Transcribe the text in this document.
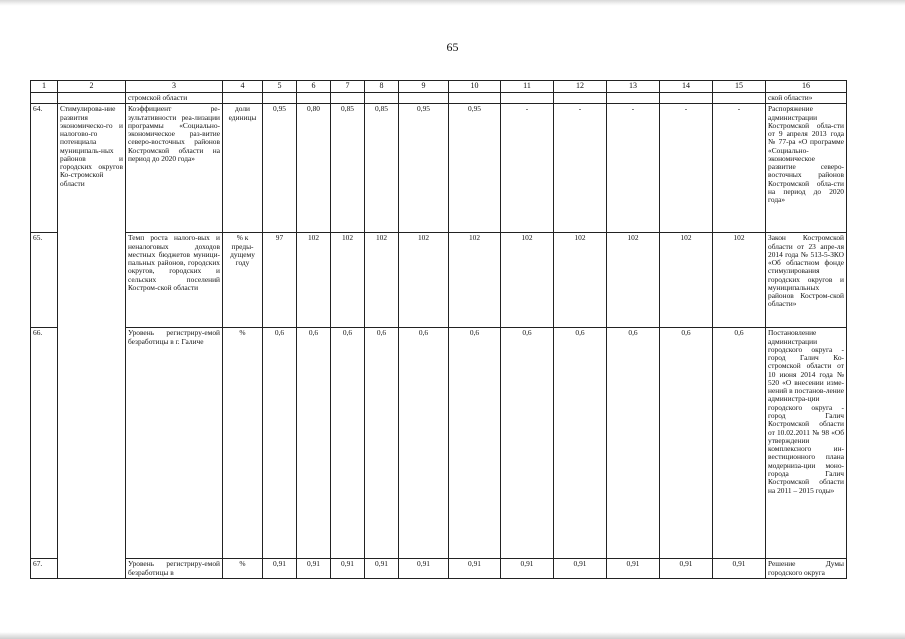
65
1	2	3	4	5	6	7	8	9	10	11	12	13	14	15	16
		стромской области													ской области»
64.	Стимулирова-ние развития экономическо-го и налогово-го потенциала муниципаль-ных районов и городских округов Ко-стромской области	Коэффициент ре-зультативности реа-лизации программы «Социально-экономическое раз-витие северо-восточных районов Костромской области на период до 2020 года»	доли единицы	0,95	0,80	0,85	0,85	0,95	0,95	-	-	-	-	-	Распоряжение администрации Костромской обла-сти от 9 апреля 2013 года № 77-ра «О программе «Социально-экономическое развитие северо-восточных районов Костромской обла-сти на период до 2020 года»
65.		Темп роста налого-вых и неналоговых доходов местных бюджетов муници-пальных районов, городских округов, городских и сельских поселений Костром-ской области	% к преды-дущему году	97	102	102	102	102	102	102	102	102	102	102	Закон Костромской области от 23 апре-ля 2014 года № 513-5-ЗКО «Об областном фонде стимулирования городских округов и муниципальных районов Костром-ской области»
66.		Уровень регистриру-емой безработицы в г. Галиче	%	0,6	0,6	0,6	0,6	0,6	0,6	0,6	0,6	0,6	0,6	0,6	Постановление администрации городского округа - город Галич Ко-стромской области от 10 июня 2014 года № 520 «О внесении изме-нений в постанов-ление администра-ции городского округа - город Галич Костромской области от 10.02.2011 № 98 «Об утверждении комплексного ин-вестиционного плана модерниза-ции моно-города Галич Костромской области на 2011 – 2015 годы»
67.		Уровень регистриру-емой безработицы в	%	0,91	0,91	0,91	0,91	0,91	0,91	0,91	0,91	0,91	0,91	0,91	Решение Думы городского округа
